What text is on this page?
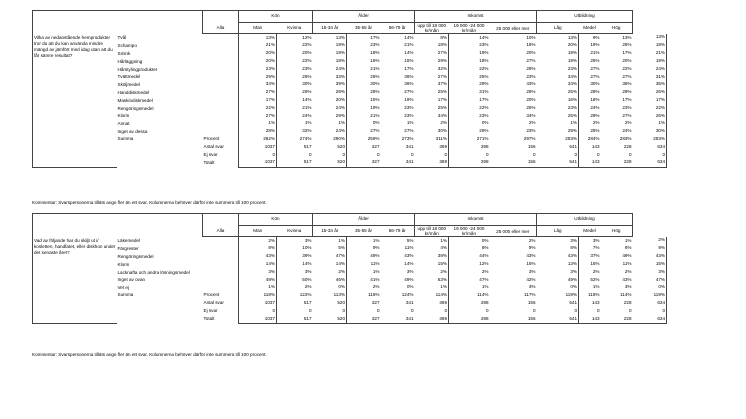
			Kön		Ålder			Inkomst			Utbildning			
		Alla	Man	Kvinna	15-34 år	35-55 år	56-79 år	upp till 18 000 kr/mån	19 000 -24 000 kr/mån	25 000 eller mer	Låg	Medel	Hög	
Vilka av nedanstående hemprodukter tror du att du kan använda mindre mängd av jämfört med idag utan att du får sämre resultat?	Tvål		13%	12%	13%	17%	14%	8%	14%	10%	13%	9%	13%	13%
	Schampo		21%	22%	19%	23%	21%	18%	23%	16%	20%	19%	26%	18%
	Smink		20%	20%	19%	18%	14%	27%	19%	20%	19%	21%	17%	21%
	Hårläggning		20%	22%	18%	16%	15%	29%	18%	27%	19%	25%	20%	19%
	Hårstylingprodukter		23%	23%	24%	21%	17%	32%	22%	28%	23%	27%	22%	24%
	Tvättmedel		29%	26%	33%	26%	36%	27%	25%	23%	34%	27%	27%	31%
	Sköljmedel		34%	30%	39%	30%	36%	37%	29%	43%	34%	30%	36%	35%
	Handdiskmedel		27%	26%	28%	28%	27%	25%	31%	26%	25%	28%	29%	26%
	Maskindiskmedel		17%	14%	20%	15%	19%	17%	17%	20%	16%	18%	17%	17%
	Rengöringsmedel		22%	21%	24%	19%	23%	25%	22%	25%	23%	24%	23%	22%
	Klorin		27%	24%	29%	21%	23%	34%	23%	34%	25%	29%	27%	26%
	Annat		1%	1%	1%	0%	1%	2%	0%	2%	1%	2%	2%	1%
	Inget av dessa		28%	32%	24%	27%	27%	30%	29%	23%	29%	25%	24%	30%
	Summa	Procent	282%	274%	290%	259%	273%	311%	271%	297%	283%	284%	283%	283%
		Antal svar	1037	517	520	327	341	369	298	156	541	143	228	634
		Ej svar	0	0	0	0	0	0	0	0	0	0	0	0
		Totalt	1037	517	520	327	341	369	298	156	541	143	228	634
Kommentar: Svarspersonerna tilläts ange fler än ett svar. Kolumnerna behöver därför inte summera till 100 procent.
			Kön		Ålder			Inkomst			Utbildning			
		Alla	Man	Kvinna	15-34 år	35-55 år	56-79 år	upp till 18 000 kr/mån	19 000 -24 000 kr/mån	25 000 eller mer	Låg	Medel	Hög	
Vad av följande har du skiljt ut i/ kosletten, handfatet, eller diskhon under det senaste året?	Läkemedel		2%	3%	1%	1%	5%	1%	0%	2%	3%	3%	1%	2%
	Färgrester		8%	10%	5%	9%	11%	4%	8%	9%	8%	7%	6%	9%
	Rengöringsmedel		43%	39%	47%	49%	43%	38%	44%	43%	43%	37%	49%	43%
	Klorin		14%	14%	14%	11%	14%	15%	12%	15%	13%	15%	11%	15%
	Lacknafta och andra lösningsmedel		3%	3%	2%	1%	3%	2%	2%	3%	3%	2%	2%	3%
	Inget av ovan		48%	50%	46%	41%	49%	53%	47%	42%	49%	52%	43%	47%
	Vet ej		1%	2%	0%	2%	0%	1%	1%	3%	0%	1%	3%	0%
	Summa	Procent	118%	122%	113%	115%	124%	114%	114%	117%	119%	118%	114%	119%
		Antal svar	1037	517	520	327	341	369	298	156	541	143	228	634
		Ej svar	0	0	0	0	0	0	0	0	0	0	0	0
		Totalt	1037	517	520	327	341	369	298	156	541	143	228	634
Kommentar: Svarspersonerna tilläts ange fler än ett svar. Kolumnerna behöver därför inte summera till 100 procent.
